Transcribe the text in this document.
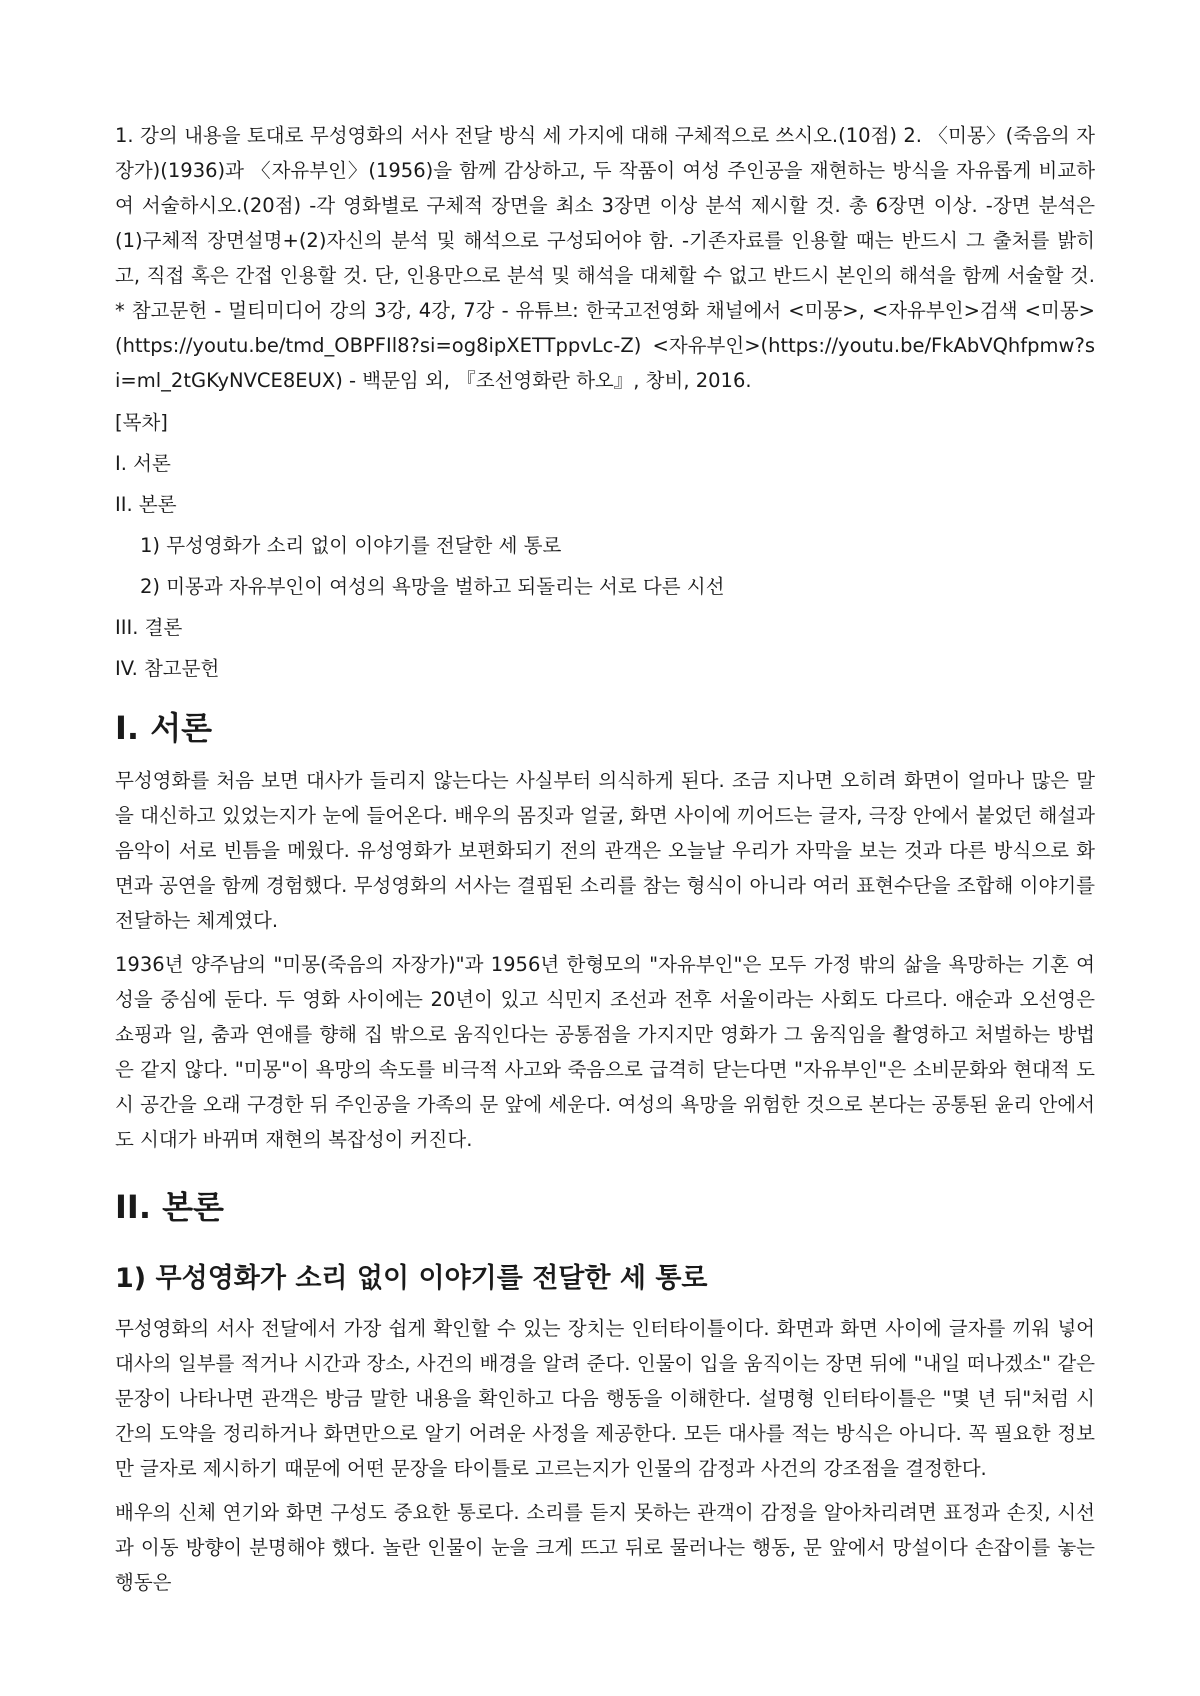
1. 강의 내용을 토대로 무성영화의 서사 전달 방식 세 가지에 대해 구체적으로 쓰시오.(10점) 2. 〈미몽〉(죽음의 자장가)(1936)과 〈자유부인〉(1956)을 함께 감상하고, 두 작품이 여성 주인공을 재현하는 방식을 자유롭게 비교하여 서술하시오.(20점) -각 영화별로 구체적 장면을 최소 3장면 이상 분석 제시할 것. 총 6장면 이상. -장면 분석은 (1)구체적 장면설명+(2)자신의 분석 및 해석으로 구성되어야 함. -기존자료를 인용할 때는 반드시 그 출처를 밝히고, 직접 혹은 간접 인용할 것. 단, 인용만으로 분석 및 해석을 대체할 수 없고 반드시 본인의 해석을 함께 서술할 것. * 참고문헌 - 멀티미디어 강의 3강, 4강, 7강 - 유튜브: 한국고전영화 채널에서 <미몽>, <자유부인>검색 <미몽>(https://youtu.be/tmd_OBPFIl8?si=og8ipXETTppvLc-Z) <자유부인>(https://youtu.be/FkAbVQhfpmw?si=ml_2tGKyNVCE8EUX) - 백문임 외, 『조선영화란 하오』, 창비, 2016.

[목차]
I. 서론
II. 본론
1) 무성영화가 소리 없이 이야기를 전달한 세 통로
2) 미몽과 자유부인이 여성의 욕망을 벌하고 되돌리는 서로 다른 시선
III. 결론
IV. 참고문헌
I. 서론

무성영화를 처음 보면 대사가 들리지 않는다는 사실부터 의식하게 된다. 조금 지나면 오히려 화면이 얼마나 많은 말을 대신하고 있었는지가 눈에 들어온다. 배우의 몸짓과 얼굴, 화면 사이에 끼어드는 글자, 극장 안에서 붙었던 해설과 음악이 서로 빈틈을 메웠다. 유성영화가 보편화되기 전의 관객은 오늘날 우리가 자막을 보는 것과 다른 방식으로 화면과 공연을 함께 경험했다. 무성영화의 서사는 결핍된 소리를 참는 형식이 아니라 여러 표현수단을 조합해 이야기를 전달하는 체계였다.

1936년 양주남의 "미몽(죽음의 자장가)"과 1956년 한형모의 "자유부인"은 모두 가정 밖의 삶을 욕망하는 기혼 여성을 중심에 둔다. 두 영화 사이에는 20년이 있고 식민지 조선과 전후 서울이라는 사회도 다르다. 애순과 오선영은 쇼핑과 일, 춤과 연애를 향해 집 밖으로 움직인다는 공통점을 가지지만 영화가 그 움직임을 촬영하고 처벌하는 방법은 같지 않다. "미몽"이 욕망의 속도를 비극적 사고와 죽음으로 급격히 닫는다면 "자유부인"은 소비문화와 현대적 도시 공간을 오래 구경한 뒤 주인공을 가족의 문 앞에 세운다. 여성의 욕망을 위험한 것으로 본다는 공통된 윤리 안에서도 시대가 바뀌며 재현의 복잡성이 커진다.

II. 본론
1) 무성영화가 소리 없이 이야기를 전달한 세 통로

무성영화의 서사 전달에서 가장 쉽게 확인할 수 있는 장치는 인터타이틀이다. 화면과 화면 사이에 글자를 끼워 넣어 대사의 일부를 적거나 시간과 장소, 사건의 배경을 알려 준다. 인물이 입을 움직이는 장면 뒤에 "내일 떠나겠소" 같은 문장이 나타나면 관객은 방금 말한 내용을 확인하고 다음 행동을 이해한다. 설명형 인터타이틀은 "몇 년 뒤"처럼 시간의 도약을 정리하거나 화면만으로 알기 어려운 사정을 제공한다. 모든 대사를 적는 방식은 아니다. 꼭 필요한 정보만 글자로 제시하기 때문에 어떤 문장을 타이틀로 고르는지가 인물의 감정과 사건의 강조점을 결정한다.

배우의 신체 연기와 화면 구성도 중요한 통로다. 소리를 듣지 못하는 관객이 감정을 알아차리려면 표정과 손짓, 시선과 이동 방향이 분명해야 했다. 놀란 인물이 눈을 크게 뜨고 뒤로 물러나는 행동, 문 앞에서 망설이다 손잡이를 놓는 행동은
